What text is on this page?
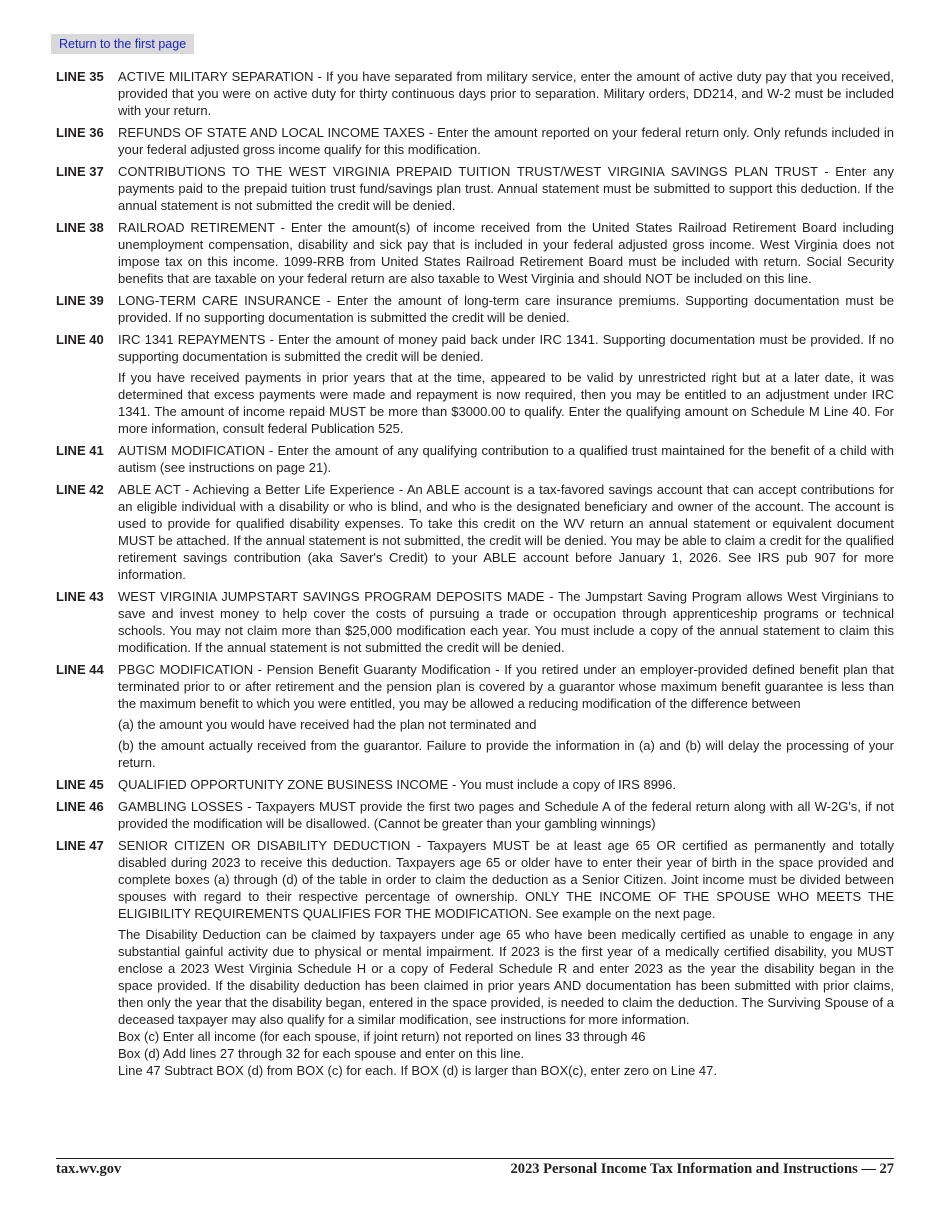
Return to the first page
LINE 35 ACTIVE MILITARY SEPARATION - If you have separated from military service, enter the amount of active duty pay that you received, provided that you were on active duty for thirty continuous days prior to separation. Military orders, DD214, and W-2 must be included with your return.

LINE 36 REFUNDS OF STATE AND LOCAL INCOME TAXES - Enter the amount reported on your federal return only. Only refunds included in your federal adjusted gross income qualify for this modification.

LINE 37 CONTRIBUTIONS TO THE WEST VIRGINIA PREPAID TUITION TRUST/WEST VIRGINIA SAVINGS PLAN TRUST - Enter any payments paid to the prepaid tuition trust fund/savings plan trust. Annual statement must be submitted to support this deduction. If the annual statement is not submitted the credit will be denied.

LINE 38 RAILROAD RETIREMENT - Enter the amount(s) of income received from the United States Railroad Retirement Board including unemployment compensation, disability and sick pay that is included in your federal adjusted gross income. West Virginia does not impose tax on this income. 1099-RRB from United States Railroad Retirement Board must be included with return. Social Security benefits that are taxable on your federal return are also taxable to West Virginia and should NOT be included on this line.

LINE 39 LONG-TERM CARE INSURANCE - Enter the amount of long-term care insurance premiums. Supporting documentation must be provided. If no supporting documentation is submitted the credit will be denied.

LINE 40 IRC 1341 REPAYMENTS - Enter the amount of money paid back under IRC 1341. Supporting documentation must be provided. If no supporting documentation is submitted the credit will be denied.

If you have received payments in prior years that at the time, appeared to be valid by unrestricted right but at a later date, it was determined that excess payments were made and repayment is now required, then you may be entitled to an adjustment under IRC 1341. The amount of income repaid MUST be more than $3000.00 to qualify. Enter the qualifying amount on Schedule M Line 40. For more information, consult federal Publication 525.

LINE 41 AUTISM MODIFICATION - Enter the amount of any qualifying contribution to a qualified trust maintained for the benefit of a child with autism (see instructions on page 21).

LINE 42 ABLE ACT - Achieving a Better Life Experience - An ABLE account is a tax-favored savings account that can accept contributions for an eligible individual with a disability or who is blind, and who is the designated beneficiary and owner of the account. The account is used to provide for qualified disability expenses. To take this credit on the WV return an annual statement or equivalent document MUST be attached. If the annual statement is not submitted, the credit will be denied. You may be able to claim a credit for the qualified retirement savings contribution (aka Saver's Credit) to your ABLE account before January 1, 2026. See IRS pub 907 for more information.

LINE 43 WEST VIRGINIA JUMPSTART SAVINGS PROGRAM DEPOSITS MADE - The Jumpstart Saving Program allows West Virginians to save and invest money to help cover the costs of pursuing a trade or occupation through apprenticeship programs or technical schools. You may not claim more than $25,000 modification each year. You must include a copy of the annual statement to claim this modification. If the annual statement is not submitted the credit will be denied.

LINE 44 PBGC MODIFICATION - Pension Benefit Guaranty Modification - If you retired under an employer-provided defined benefit plan that terminated prior to or after retirement and the pension plan is covered by a guarantor whose maximum benefit guarantee is less than the maximum benefit to which you were entitled, you may be allowed a reducing modification of the difference between

(a) the amount you would have received had the plan not terminated and

(b) the amount actually received from the guarantor. Failure to provide the information in (a) and (b) will delay the processing of your return.

LINE 45 QUALIFIED OPPORTUNITY ZONE BUSINESS INCOME - You must include a copy of IRS 8996.

LINE 46 GAMBLING LOSSES - Taxpayers MUST provide the first two pages and Schedule A of the federal return along with all W-2G's, if not provided the modification will be disallowed. (Cannot be greater than your gambling winnings)

LINE 47 SENIOR CITIZEN OR DISABILITY DEDUCTION - Taxpayers MUST be at least age 65 OR certified as permanently and totally disabled during 2023 to receive this deduction. Taxpayers age 65 or older have to enter their year of birth in the space provided and complete boxes (a) through (d) of the table in order to claim the deduction as a Senior Citizen. Joint income must be divided between spouses with regard to their respective percentage of ownership. ONLY THE INCOME OF THE SPOUSE WHO MEETS THE ELIGIBILITY REQUIREMENTS QUALIFIES FOR THE MODIFICATION. See example on the next page.

The Disability Deduction can be claimed by taxpayers under age 65 who have been medically certified as unable to engage in any substantial gainful activity due to physical or mental impairment. If 2023 is the first year of a medically certified disability, you MUST enclose a 2023 West Virginia Schedule H or a copy of Federal Schedule R and enter 2023 as the year the disability began in the space provided. If the disability deduction has been claimed in prior years AND documentation has been submitted with prior claims, then only the year that the disability began, entered in the space provided, is needed to claim the deduction. The Surviving Spouse of a deceased taxpayer may also qualify for a similar modification, see instructions for more information.

Box (c) Enter all income (for each spouse, if joint return) not reported on lines 33 through 46

Box (d) Add lines 27 through 32 for each spouse and enter on this line.

Line 47 Subtract BOX (d) from BOX (c) for each. If BOX (d) is larger than BOX(c), enter zero on Line 47.

tax.wv.gov	2023 Personal Income Tax Information and Instructions — 27
